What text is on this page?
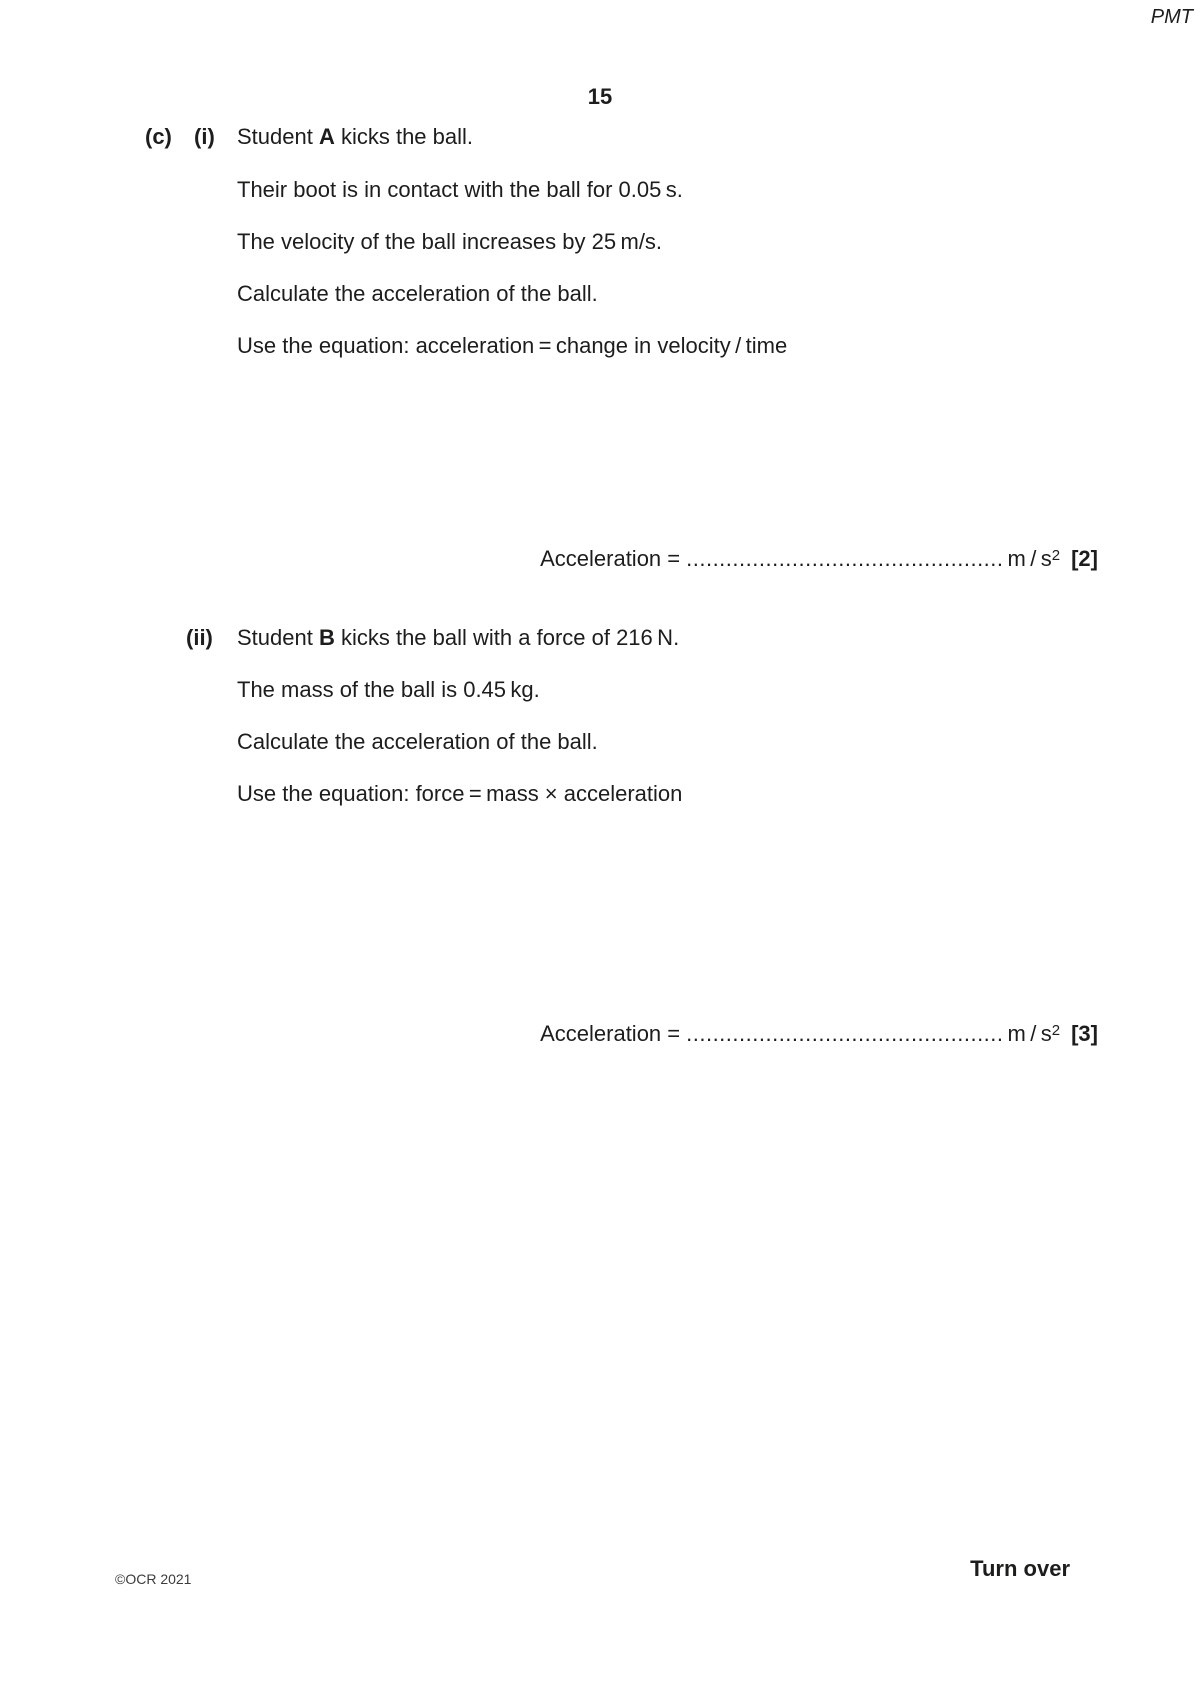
PMT
15
(c) (i) Student A kicks the ball.
Their boot is in contact with the ball for 0.05 s.
The velocity of the ball increases by 25 m/s.
Calculate the acceleration of the ball.
Use the equation: acceleration = change in velocity / time
Acceleration = ................................................ m / $s^2$ [2]
(ii) Student B kicks the ball with a force of 216 N.
The mass of the ball is 0.45 kg.
Calculate the acceleration of the ball.
Use the equation: force = mass × acceleration
Acceleration = ................................................ m / $s^2$ [3]
©OCR 2021	Turn over
